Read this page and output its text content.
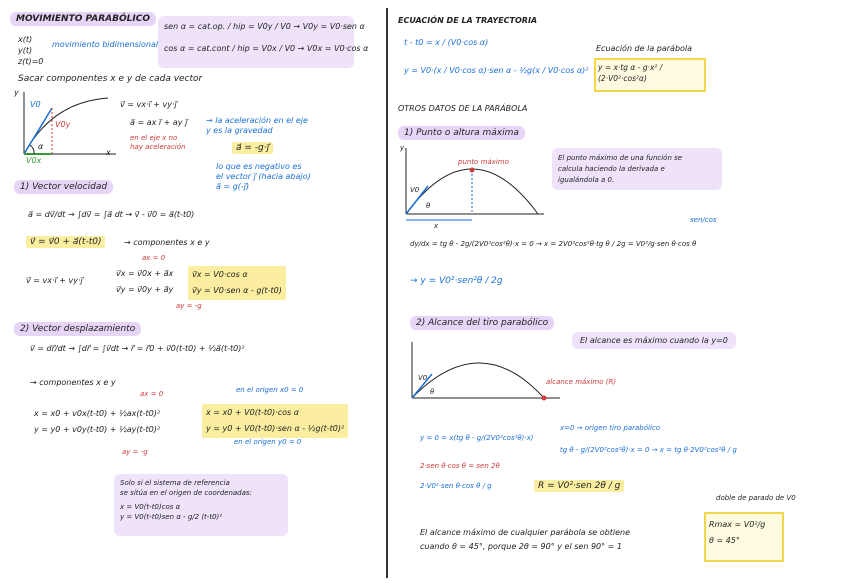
MOVIMIENTO PARABÓLICO
x(t)
y(t)
z(t)=0
movimiento bidimensional
sen α = cat.op. / hip = V0y / V0 → V0y = V0·sen α
cos α = cat.cont / hip = V0x / V0 → V0x = V0·cos α
Sacar componentes x e y de cada vector
V0
V0y
V0x
α
y
x
v⃗ = vx·i⃗ + vy·j⃗
a⃗ = ax i⃗ + ay j⃗ → la aceleración en el eje
y es la gravedad
en el eje x no
hay aceleración	a⃗ = -g·j⃗
lo que es negativo es
el vector j⃗ (hacia abajo)
a⃗ = g(-j⃗)
1) Vector velocidad
a⃗ = dv⃗/dt → ∫dv⃗ = ∫a⃗ dt → v⃗ - v⃗0 = a⃗(t-t0)
v⃗ = v⃗0 + a⃗(t-t0)	→ componentes x e y
ax = 0
v⃗ = vx·i⃗ + vy·j⃗
v⃗x = v⃗0x + a⃗x
v⃗y = v⃗0y + a⃗y
v⃗x = V0·cos α
v⃗y = V0·sen α - g(t-t0)
ay = -g
2) Vector desplazamiento
v⃗ = dr⃗/dt → ∫dr⃗ = ∫v⃗dt → r⃗ = r⃗0 + v⃗0(t-t0) + ½a⃗(t-t0)²
→ componentes x e y
ax = 0	en el origen x0 = 0
x = x0 + v0x(t-t0) + ½ax(t-t0)²
y = y0 + v0y(t-t0) + ½ay(t-t0)²
x = x0 + V0(t-t0)·cos α
y = y0 + V0(t-t0)·sen α - ½g(t-t0)²
en el origen y0 = 0
ay = -g
Solo si el sistema de referencia
se sitúa en el origen de coordenadas:
x = V0(t-t0)cos α
y = V0(t-t0)sen α - g/2 (t-t0)²
ECUACIÓN DE LA TRAYECTORIA
t - t0 = x / (V0·cos α)
y = V0·(x / V0·cos α)·sen α - ½g(x / V0·cos α)²
Ecuación de la parábola
y = x·tg α - g·x² / (2·V0²·cos²α)
OTROS DATOS DE LA PARÁBOLA
1) Punto o altura máxima
punto máximo
V0
θ
x
y
El punto máximo de una función se
calcula haciendo la derivada e
igualándola a 0.
sen/cos
dy/dx = tg θ - 2g/(2V0²cos²θ)·x = 0 → x = 2V0²cos²θ·tg θ / 2g = V0²/g·sen θ·cos θ
→ y = V0²·sen²θ / 2g
2) Alcance del tiro parabólico
El alcance es máximo cuando la y=0
V0
θ
alcance máximo (R)
y = 0 = x(tg θ - g/(2V0²cos²θ)·x)
x=0 → origen tiro parabólico
tg θ - g/(2V0²cos²θ)·x = 0 → x = tg θ·2V0²cos²θ / g
2·sen θ·cos θ = sen 2θ
2·V0²·sen θ·cos θ / g	R = V0²·sen 2θ / g
doble de parado de V0
Rmax = V0²/g
θ = 45°
El alcance máximo de cualquier parábola se obtiene
cuando θ = 45°, porque 2θ = 90° y el sen 90° = 1
